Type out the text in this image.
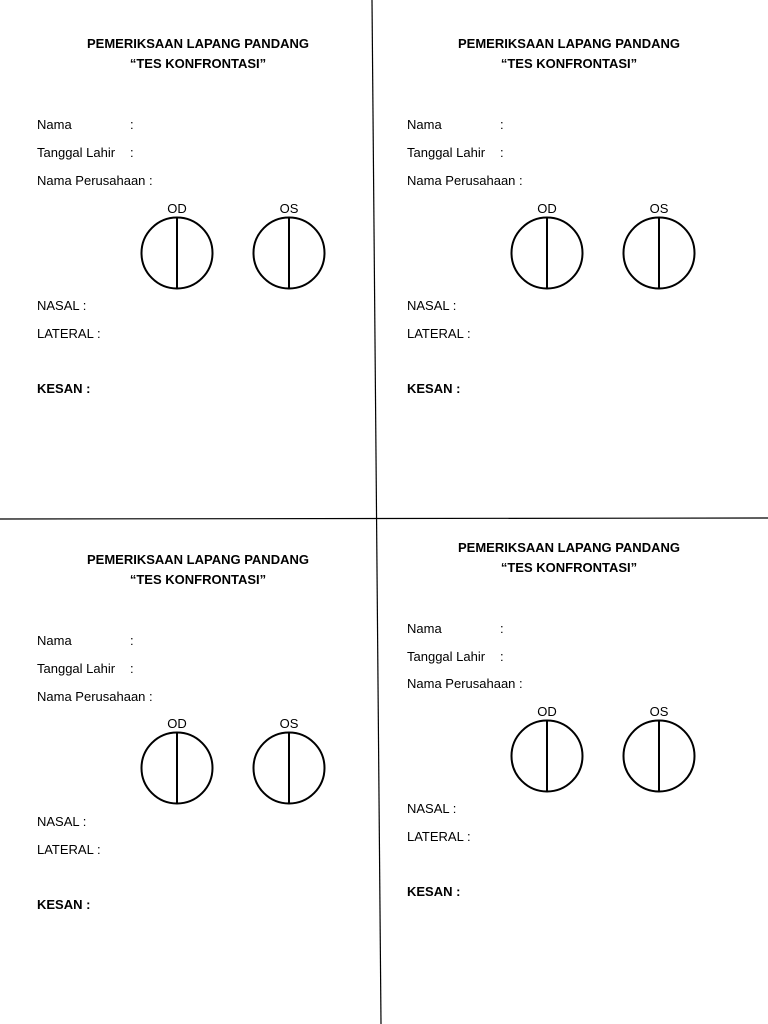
PEMERIKSAAN LAPANG PANDANG
“TES KONFRONTASI”
Nama	:
Tanggal Lahir :
Nama Perusahaan :
OD	OS
NASAL :
LATERAL :
KESAN :
PEMERIKSAAN LAPANG PANDANG
“TES KONFRONTASI”
Nama	:
Tanggal Lahir :
Nama Perusahaan :
OD	OS
NASAL :
LATERAL :
KESAN :
PEMERIKSAAN LAPANG PANDANG
“TES KONFRONTASI”
Nama	:
Tanggal Lahir :
Nama Perusahaan :
OD	OS
NASAL :
LATERAL :
KESAN :
PEMERIKSAAN LAPANG PANDANG
“TES KONFRONTASI”
Nama	:
Tanggal Lahir :
Nama Perusahaan :
OD	OS
NASAL :
LATERAL :
KESAN :
